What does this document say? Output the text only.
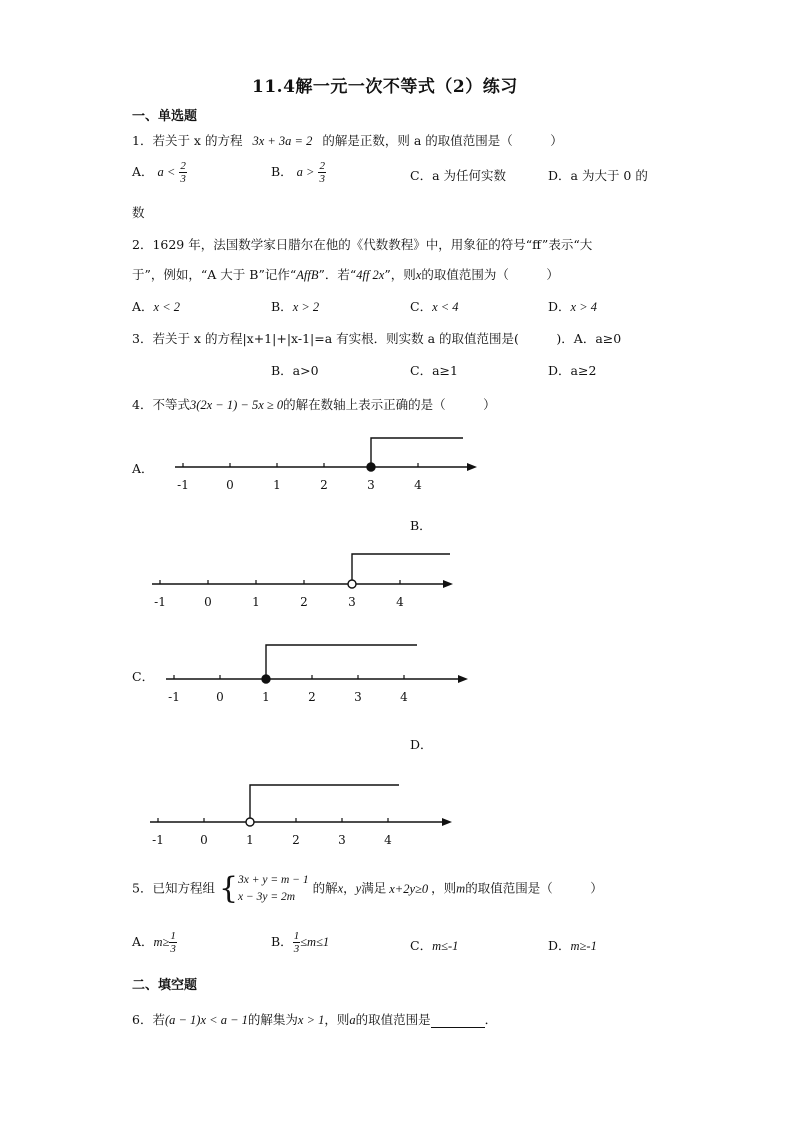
11.4解一元一次不等式（2）练习
一、单选题
1．若关于 x 的方程 3x + 3a = 2 的解是正数，则 a 的取值范围是（　　　）
A． $a < \frac{2}{3}$	B． $a > \frac{2}{3}$	C．a 为任何实数	D．a 为大于 0 的
数
2．1629 年，法国数学家日腊尔在他的《代数教程》中，用象征的符号“ff”表示“大
于”，例如，“A 大于 B”记作“AffB”．若“4ff 2x”，则x的取值范围为（　　　）
A．x < 2	B．x > 2	C．x < 4	D．x > 4
3．若关于 x 的方程|x+1|+|x-1|=a 有实根．则实数 a 的取值范围是(　　　)．A．a≥0
B．a>0	C．a≥1	D．a≥2
4．不等式3(2x − 1) − 5x ≥ 0的解在数轴上表示正确的是（　　　）
A．
B．
C．
D．
-1	0	1	2	3	4
-1	0	1	2	3	4
-1	0	1	2	3	4
-1	0	1	2	3	4
5．已知方程组 { 3x + y = m − 1
x − 3y = 2m
的解x，y满足 x+2y≥0 ，则m的取值范围是（　　　）
A．$m\ge \frac{1}{3}$	B． $\frac{1}{3} \le m\le 1$	C．m≤-1	D．m≥-1
二、填空题
6．若(a − 1)x < a − 1的解集为x > 1，则a的取值范围是	．
